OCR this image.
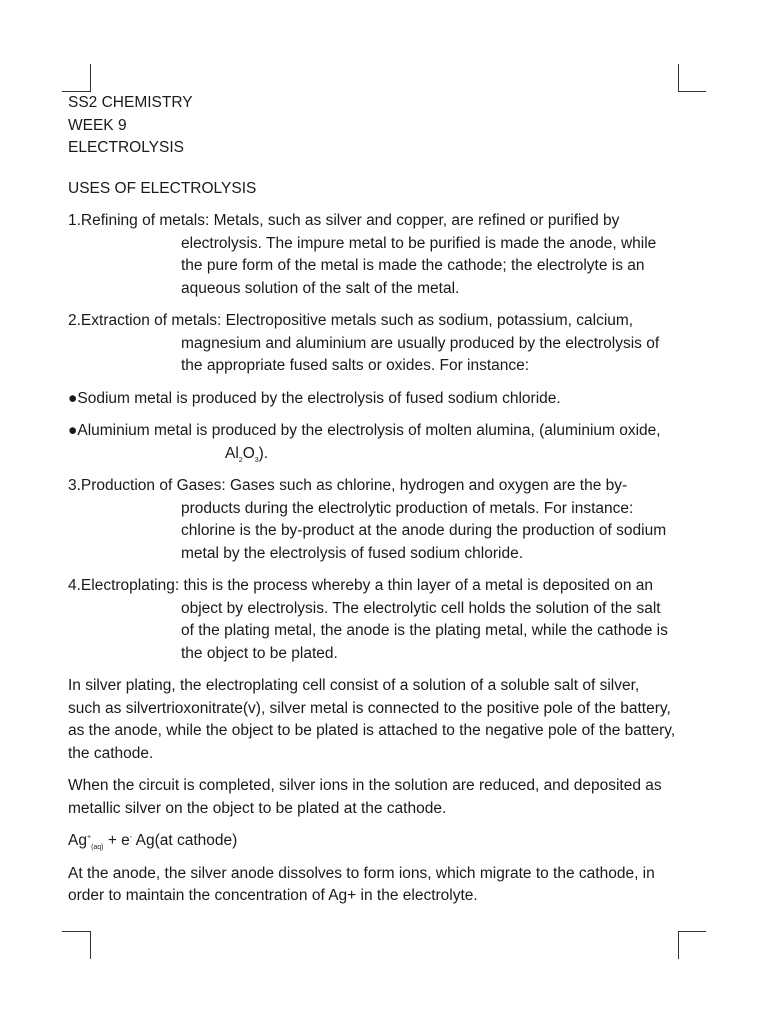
SS2 CHEMISTRY
WEEK 9
ELECTROLYSIS
USES OF ELECTROLYSIS
1.Refining of metals: Metals, such as silver and copper, are refined or purified by
electrolysis. The impure metal to be purified is made the anode, while
the pure form of the metal is made the cathode; the electrolyte is an
aqueous solution of the salt of the metal.
2.Extraction of metals: Electropositive metals such as sodium, potassium, calcium,
magnesium and aluminium are usually produced by the electrolysis of
the appropriate fused salts or oxides. For instance:
●Sodium metal is produced by the electrolysis of fused sodium chloride.
●Aluminium metal is produced by the electrolysis of molten alumina, (aluminium oxide,
$Al_2O_3$).
3.Production of Gases: Gases such as chlorine, hydrogen and oxygen are the by-
products during the electrolytic production of metals. For instance:
chlorine is the by-product at the anode during the production of sodium
metal by the electrolysis of fused sodium chloride.
4.Electroplating: this is the process whereby a thin layer of a metal is deposited on an
object by electrolysis. The electrolytic cell holds the solution of the salt
of the plating metal, the anode is the plating metal, while the cathode is
the object to be plated.
In silver plating, the electroplating cell consist of a solution of a soluble salt of silver,
such as silvertrioxonitrate(v), silver metal is connected to the positive pole of the battery,
as the anode, while the object to be plated is attached to the negative pole of the battery,
the cathode.
When the circuit is completed, silver ions in the solution are reduced, and deposited as
metallic silver on the object to be plated at the cathode.
$Ag^+_{(aq)} + e^-$ Ag(at cathode)
At the anode, the silver anode dissolves to form ions, which migrate to the cathode, in
order to maintain the concentration of Ag+ in the electrolyte.
